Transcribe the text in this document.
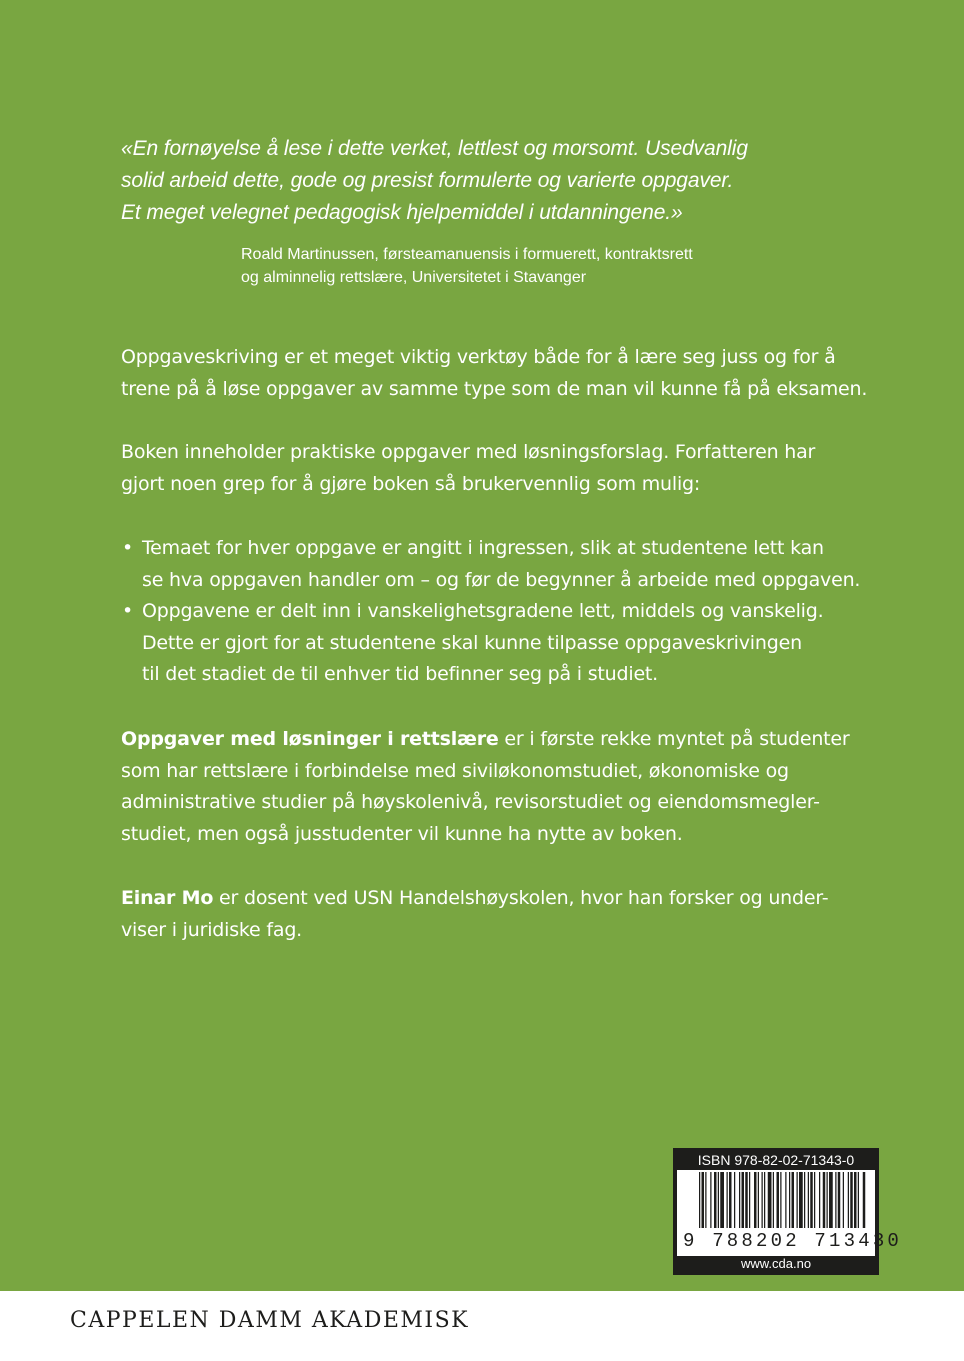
«En fornøyelse å lese i dette verket, lettlest og morsomt. Usedvanlig
solid arbeid dette, gode og presist formulerte og varierte oppgaver.
Et meget velegnet pedagogisk hjelpemiddel i utdanningene.»
Roald Martinussen, førsteamanuensis i formuerett, kontraktsrett
og alminnelig rettslære, Universitetet i Stavanger
Oppgaveskriving er et meget viktig verktøy både for å lære seg juss og for å
trene på å løse oppgaver av samme type som de man vil kunne få på eksamen.
Boken inneholder praktiske oppgaver med løsningsforslag. Forfatteren har
gjort noen grep for å gjøre boken så brukervennlig som mulig:
• Temaet for hver oppgave er angitt i ingressen, slik at studentene lett kan
se hva oppgaven handler om – og før de begynner å arbeide med oppgaven.
• Oppgavene er delt inn i vanskelighetsgradene lett, middels og vanskelig.
Dette er gjort for at studentene skal kunne tilpasse oppgaveskrivingen
til det stadiet de til enhver tid befinner seg på i studiet.
Oppgaver med løsninger i rettslære er i første rekke myntet på studenter
som har rettslære i forbindelse med siviløkonomstudiet, økonomiske og
administrative studier på høyskolenivå, revisorstudiet og eiendomsmegler-
studiet, men også jusstudenter vil kunne ha nytte av boken.
Einar Mo er dosent ved USN Handelshøyskolen, hvor han forsker og under-
viser i juridiske fag.
ISBN 978-82-02-71343-0
9 788202 713430
www.cda.no
CAPPELEN DAMM AKADEMISK
